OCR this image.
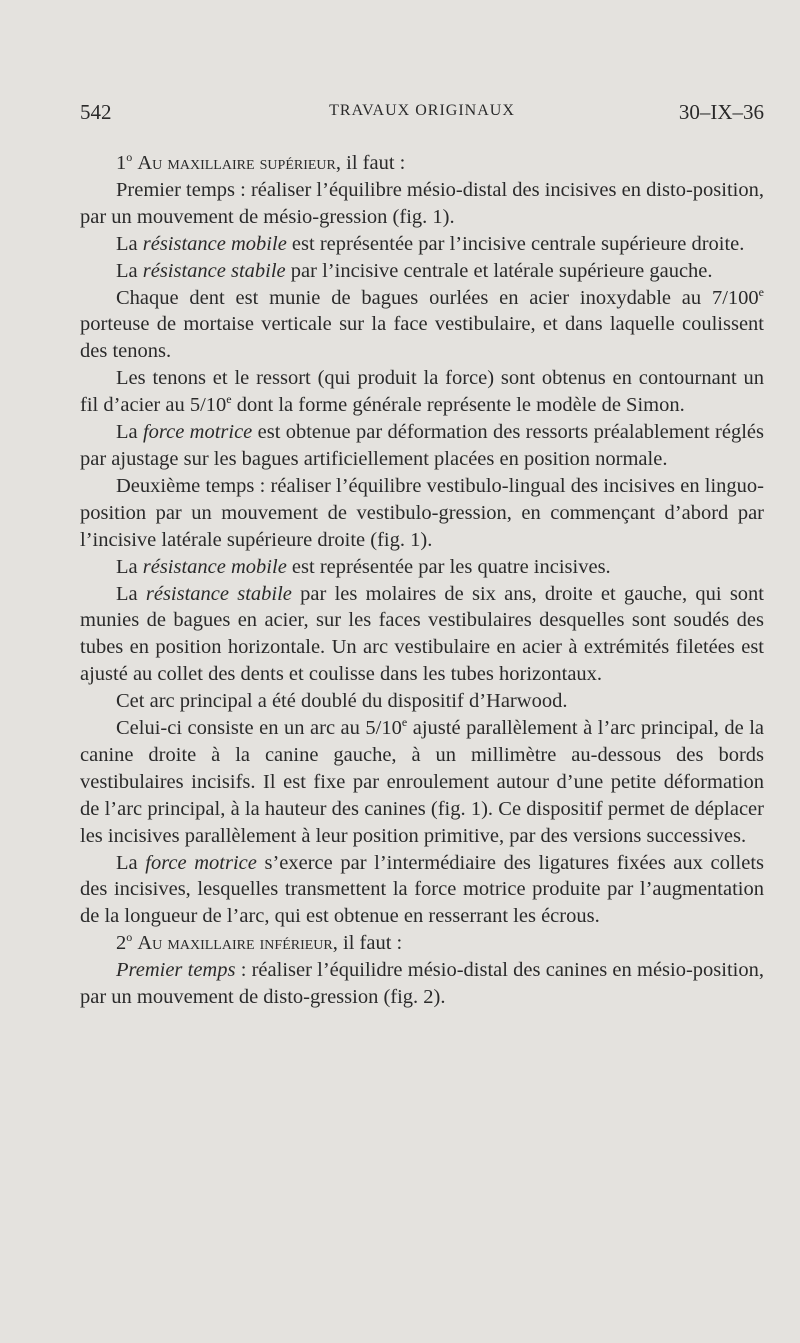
542	TRAVAUX ORIGINAUX	30–IX–36

1$^o$ Au maxillaire supérieur, il faut :

Premier temps : réaliser l’équilibre mésio-distal des incisives en disto-position, par un mouvement de mésio-gression (fig. 1).

La résistance mobile est représentée par l’incisive centrale supérieure droite.

La résistance stabile par l’incisive centrale et latérale supérieure gauche.

Chaque dent est munie de bagues ourlées en acier inoxydable au 7/100e porteuse de mortaise verticale sur la face vestibulaire, et dans laquelle coulissent des tenons.

Les tenons et le ressort (qui produit la force) sont obtenus en contournant un fil d’acier au 5/10e dont la forme générale représente le modèle de Simon.

La force motrice est obtenue par déformation des ressorts préalablement réglés par ajustage sur les bagues artificiellement placées en position normale.

Deuxième temps : réaliser l’équilibre vestibulo-lingual des incisives en linguo-position par un mouvement de vestibulo-gression, en commençant d’abord par l’incisive latérale supérieure droite (fig. 1).

La résistance mobile est représentée par les quatre incisives.

La résistance stabile par les molaires de six ans, droite et gauche, qui sont munies de bagues en acier, sur les faces vestibulaires desquelles sont soudés des tubes en position horizontale. Un arc vestibulaire en acier à extrémités filetées est ajusté au collet des dents et coulisse dans les tubes horizontaux.

Cet arc principal a été doublé du dispositif d’Harwood.

Celui-ci consiste en un arc au 5/10e ajusté parallèlement à l’arc principal, de la canine droite à la canine gauche, à un millimètre au-dessous des bords vestibulaires incisifs. Il est fixe par enroulement autour d’une petite déformation de l’arc principal, à la hauteur des canines (fig. 1). Ce dispositif permet de déplacer les incisives parallèlement à leur position primitive, par des versions successives.

La force motrice s’exerce par l’intermédiaire des ligatures fixées aux collets des incisives, lesquelles transmettent la force motrice produite par l’augmentation de la longueur de l’arc, qui est obtenue en resserrant les écrous.

2$^o$ Au maxillaire inférieur, il faut :

Premier temps : réaliser l’équilidre mésio-distal des canines en mésio-position, par un mouvement de disto-gression (fig. 2).
